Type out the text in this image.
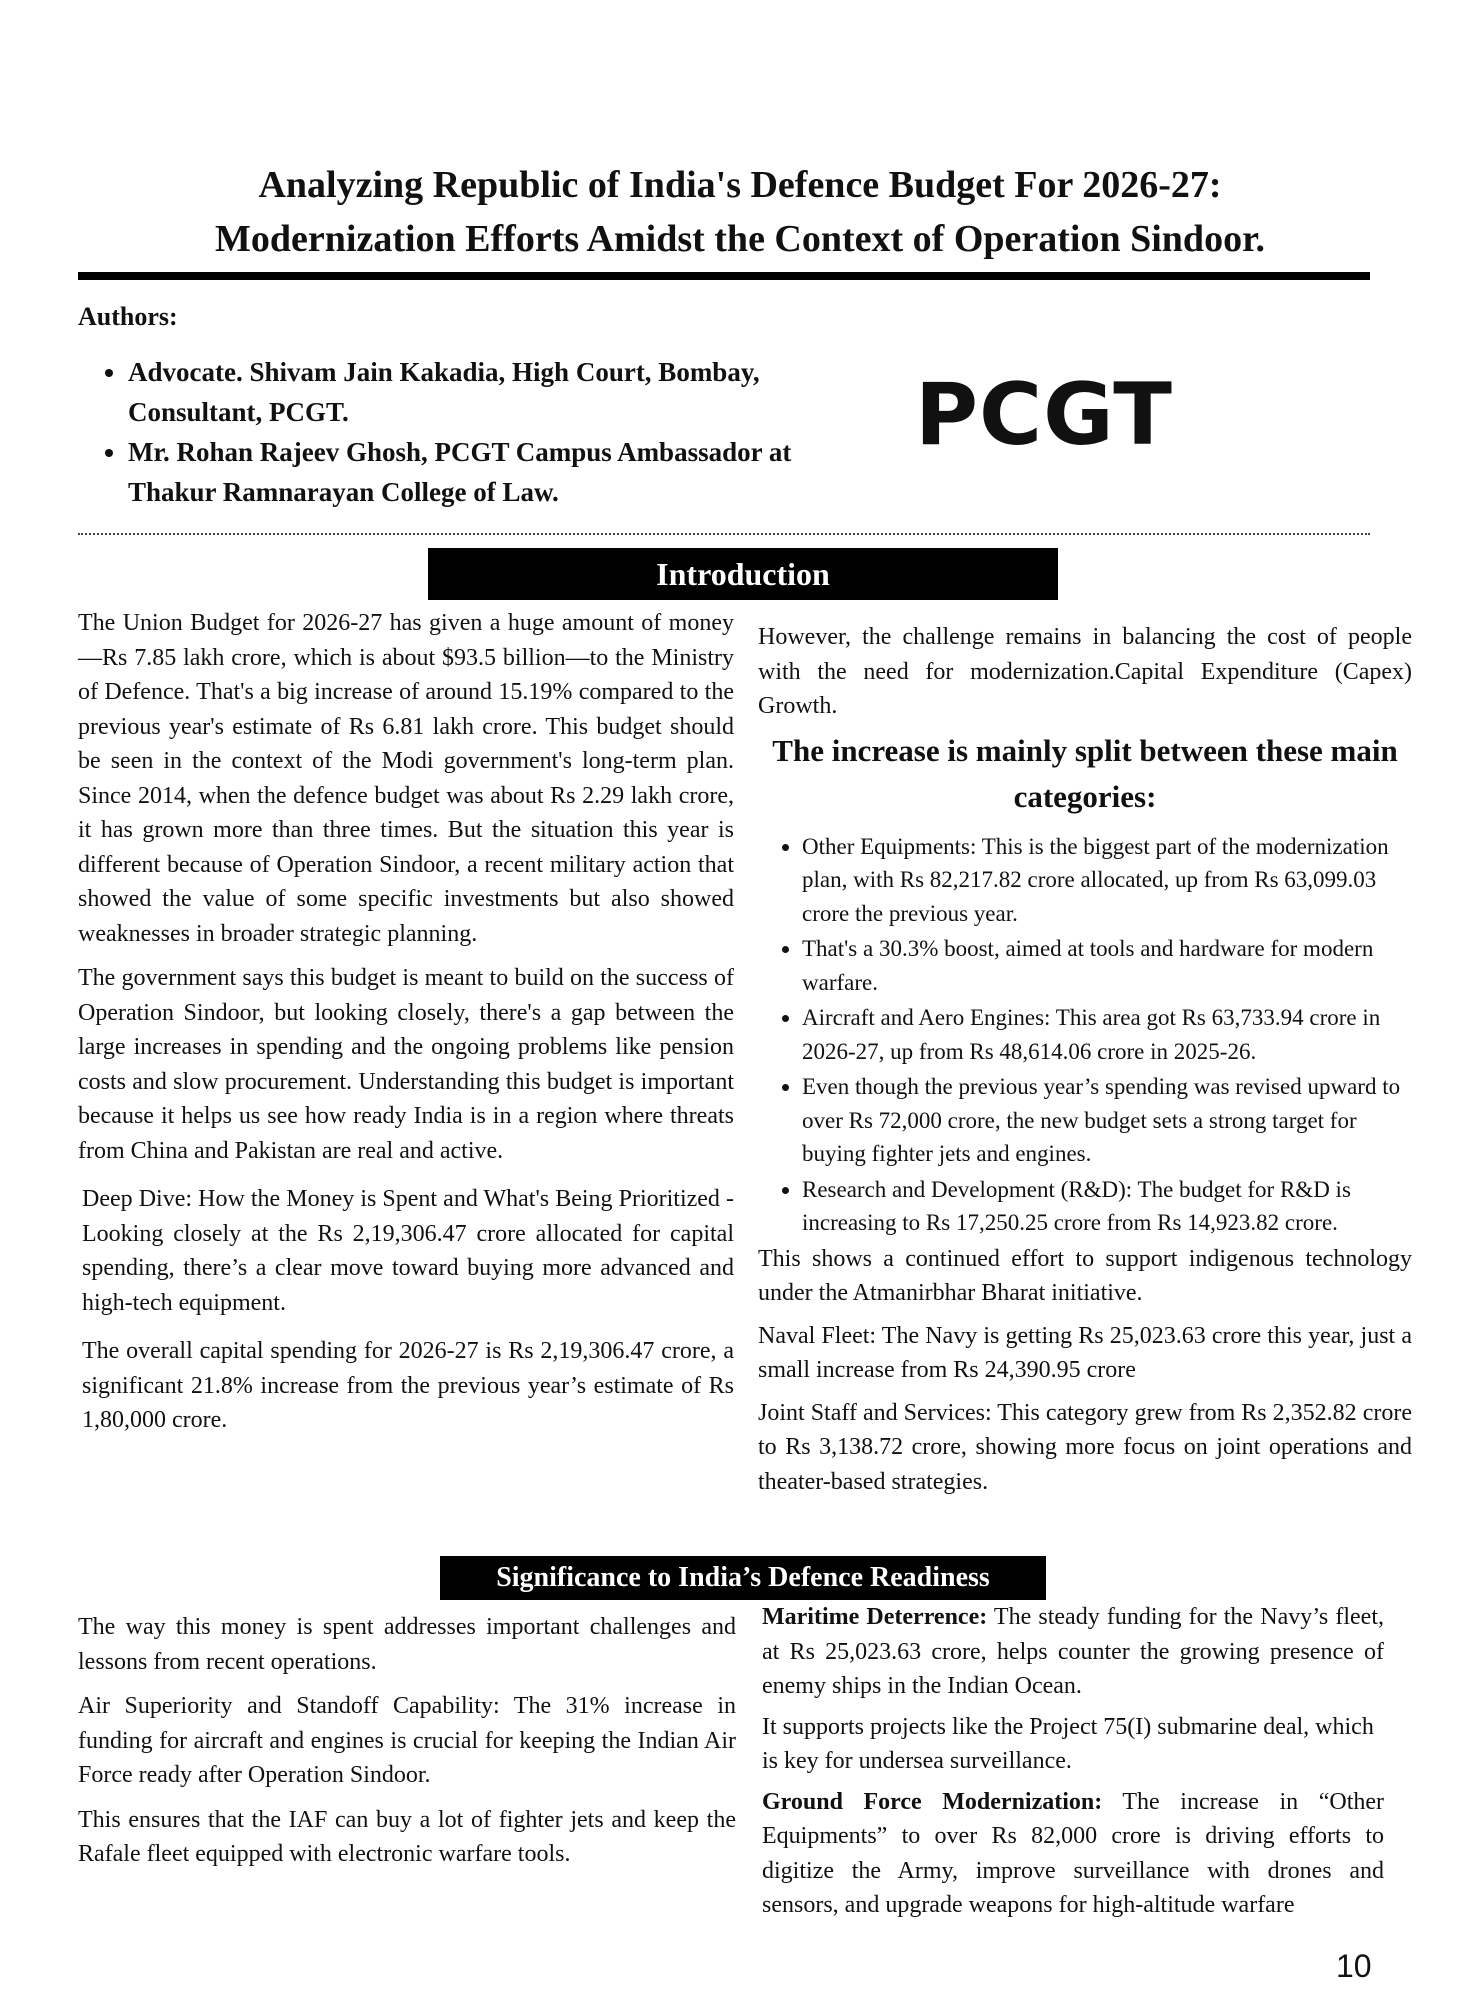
Analyzing Republic of India's Defence Budget For 2026-27: Modernization Efforts Amidst the Context of Operation Sindoor.
Authors:
• Advocate. Shivam Jain Kakadia, High Court, Bombay, Consultant, PCGT.
• Mr. Rohan Rajeev Ghosh, PCGT Campus Ambassador at Thakur Ramnarayan College of Law.
PCGT
Introduction

The Union Budget for 2026-27 has given a huge amount of money—Rs 7.85 lakh crore, which is about $93.5 billion—to the Ministry of Defence. That's a big increase of around 15.19% compared to the previous year's estimate of Rs 6.81 lakh crore. This budget should be seen in the context of the Modi government's long-term plan. Since 2014, when the defence budget was about Rs 2.29 lakh crore, it has grown more than three times. But the situation this year is different because of Operation Sindoor, a recent military action that showed the value of some specific investments but also showed weaknesses in broader strategic planning.

The government says this budget is meant to build on the success of Operation Sindoor, but looking closely, there's a gap between the large increases in spending and the ongoing problems like pension costs and slow procurement. Understanding this budget is important because it helps us see how ready India is in a region where threats from China and Pakistan are real and active.

Deep Dive: How the Money is Spent and What's Being Prioritized -Looking closely at the Rs 2,19,306.47 crore allocated for capital spending, there’s a clear move toward buying more advanced and high-tech equipment.

The overall capital spending for 2026-27 is Rs 2,19,306.47 crore, a significant 21.8% increase from the previous year’s estimate of Rs 1,80,000 crore.

However, the challenge remains in balancing the cost of people with the need for modernization.Capital Expenditure (Capex) Growth.

The increase is mainly split between these main categories:
• Other Equipments: This is the biggest part of the modernization plan, with Rs 82,217.82 crore allocated, up from Rs 63,099.03 crore the previous year.
• That's a 30.3% boost, aimed at tools and hardware for modern warfare.
• Aircraft and Aero Engines: This area got Rs 63,733.94 crore in 2026-27, up from Rs 48,614.06 crore in 2025-26.
• Even though the previous year’s spending was revised upward to over Rs 72,000 crore, the new budget sets a strong target for buying fighter jets and engines.
• Research and Development (R&D): The budget for R&D is increasing to Rs 17,250.25 crore from Rs 14,923.82 crore.

This shows a continued effort to support indigenous technology under the Atmanirbhar Bharat initiative.

Naval Fleet: The Navy is getting Rs 25,023.63 crore this year, just a small increase from Rs 24,390.95 crore

Joint Staff and Services: This category grew from Rs 2,352.82 crore to Rs 3,138.72 crore, showing more focus on joint operations and theater-based strategies.

Significance to India’s Defence Readiness

The way this money is spent addresses important challenges and lessons from recent operations.

Air Superiority and Standoff Capability: The 31% increase in funding for aircraft and engines is crucial for keeping the Indian Air Force ready after Operation Sindoor.

This ensures that the IAF can buy a lot of fighter jets and keep the Rafale fleet equipped with electronic warfare tools.

Maritime Deterrence: The steady funding for the Navy’s fleet, at Rs 25,023.63 crore, helps counter the growing presence of enemy ships in the Indian Ocean.

It supports projects like the Project 75(I) submarine deal, which is key for undersea surveillance.

Ground Force Modernization: The increase in “Other Equipments” to over Rs 82,000 crore is driving efforts to digitize the Army, improve surveillance with drones and sensors, and upgrade weapons for high-altitude warfare

10
